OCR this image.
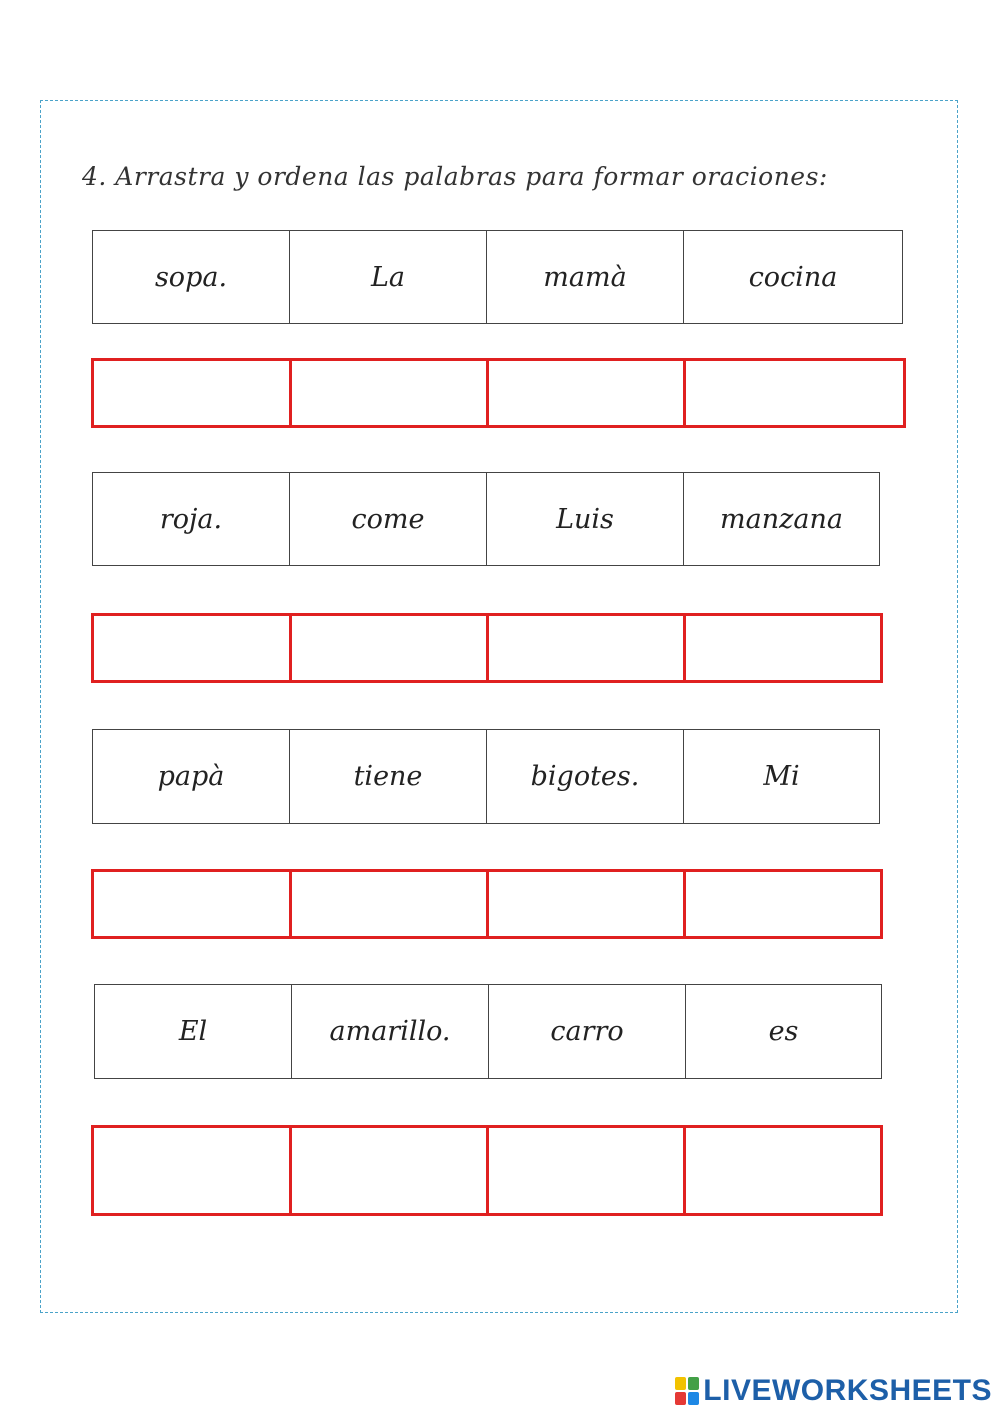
4. Arrastra y ordena las palabras para formar oraciones:
sopa.	La	mamà	cocina
roja.	come	Luis	manzana
papà	tiene	bigotes.	Mi
El	amarillo.	carro	es
LIVEWORKSHEETS
